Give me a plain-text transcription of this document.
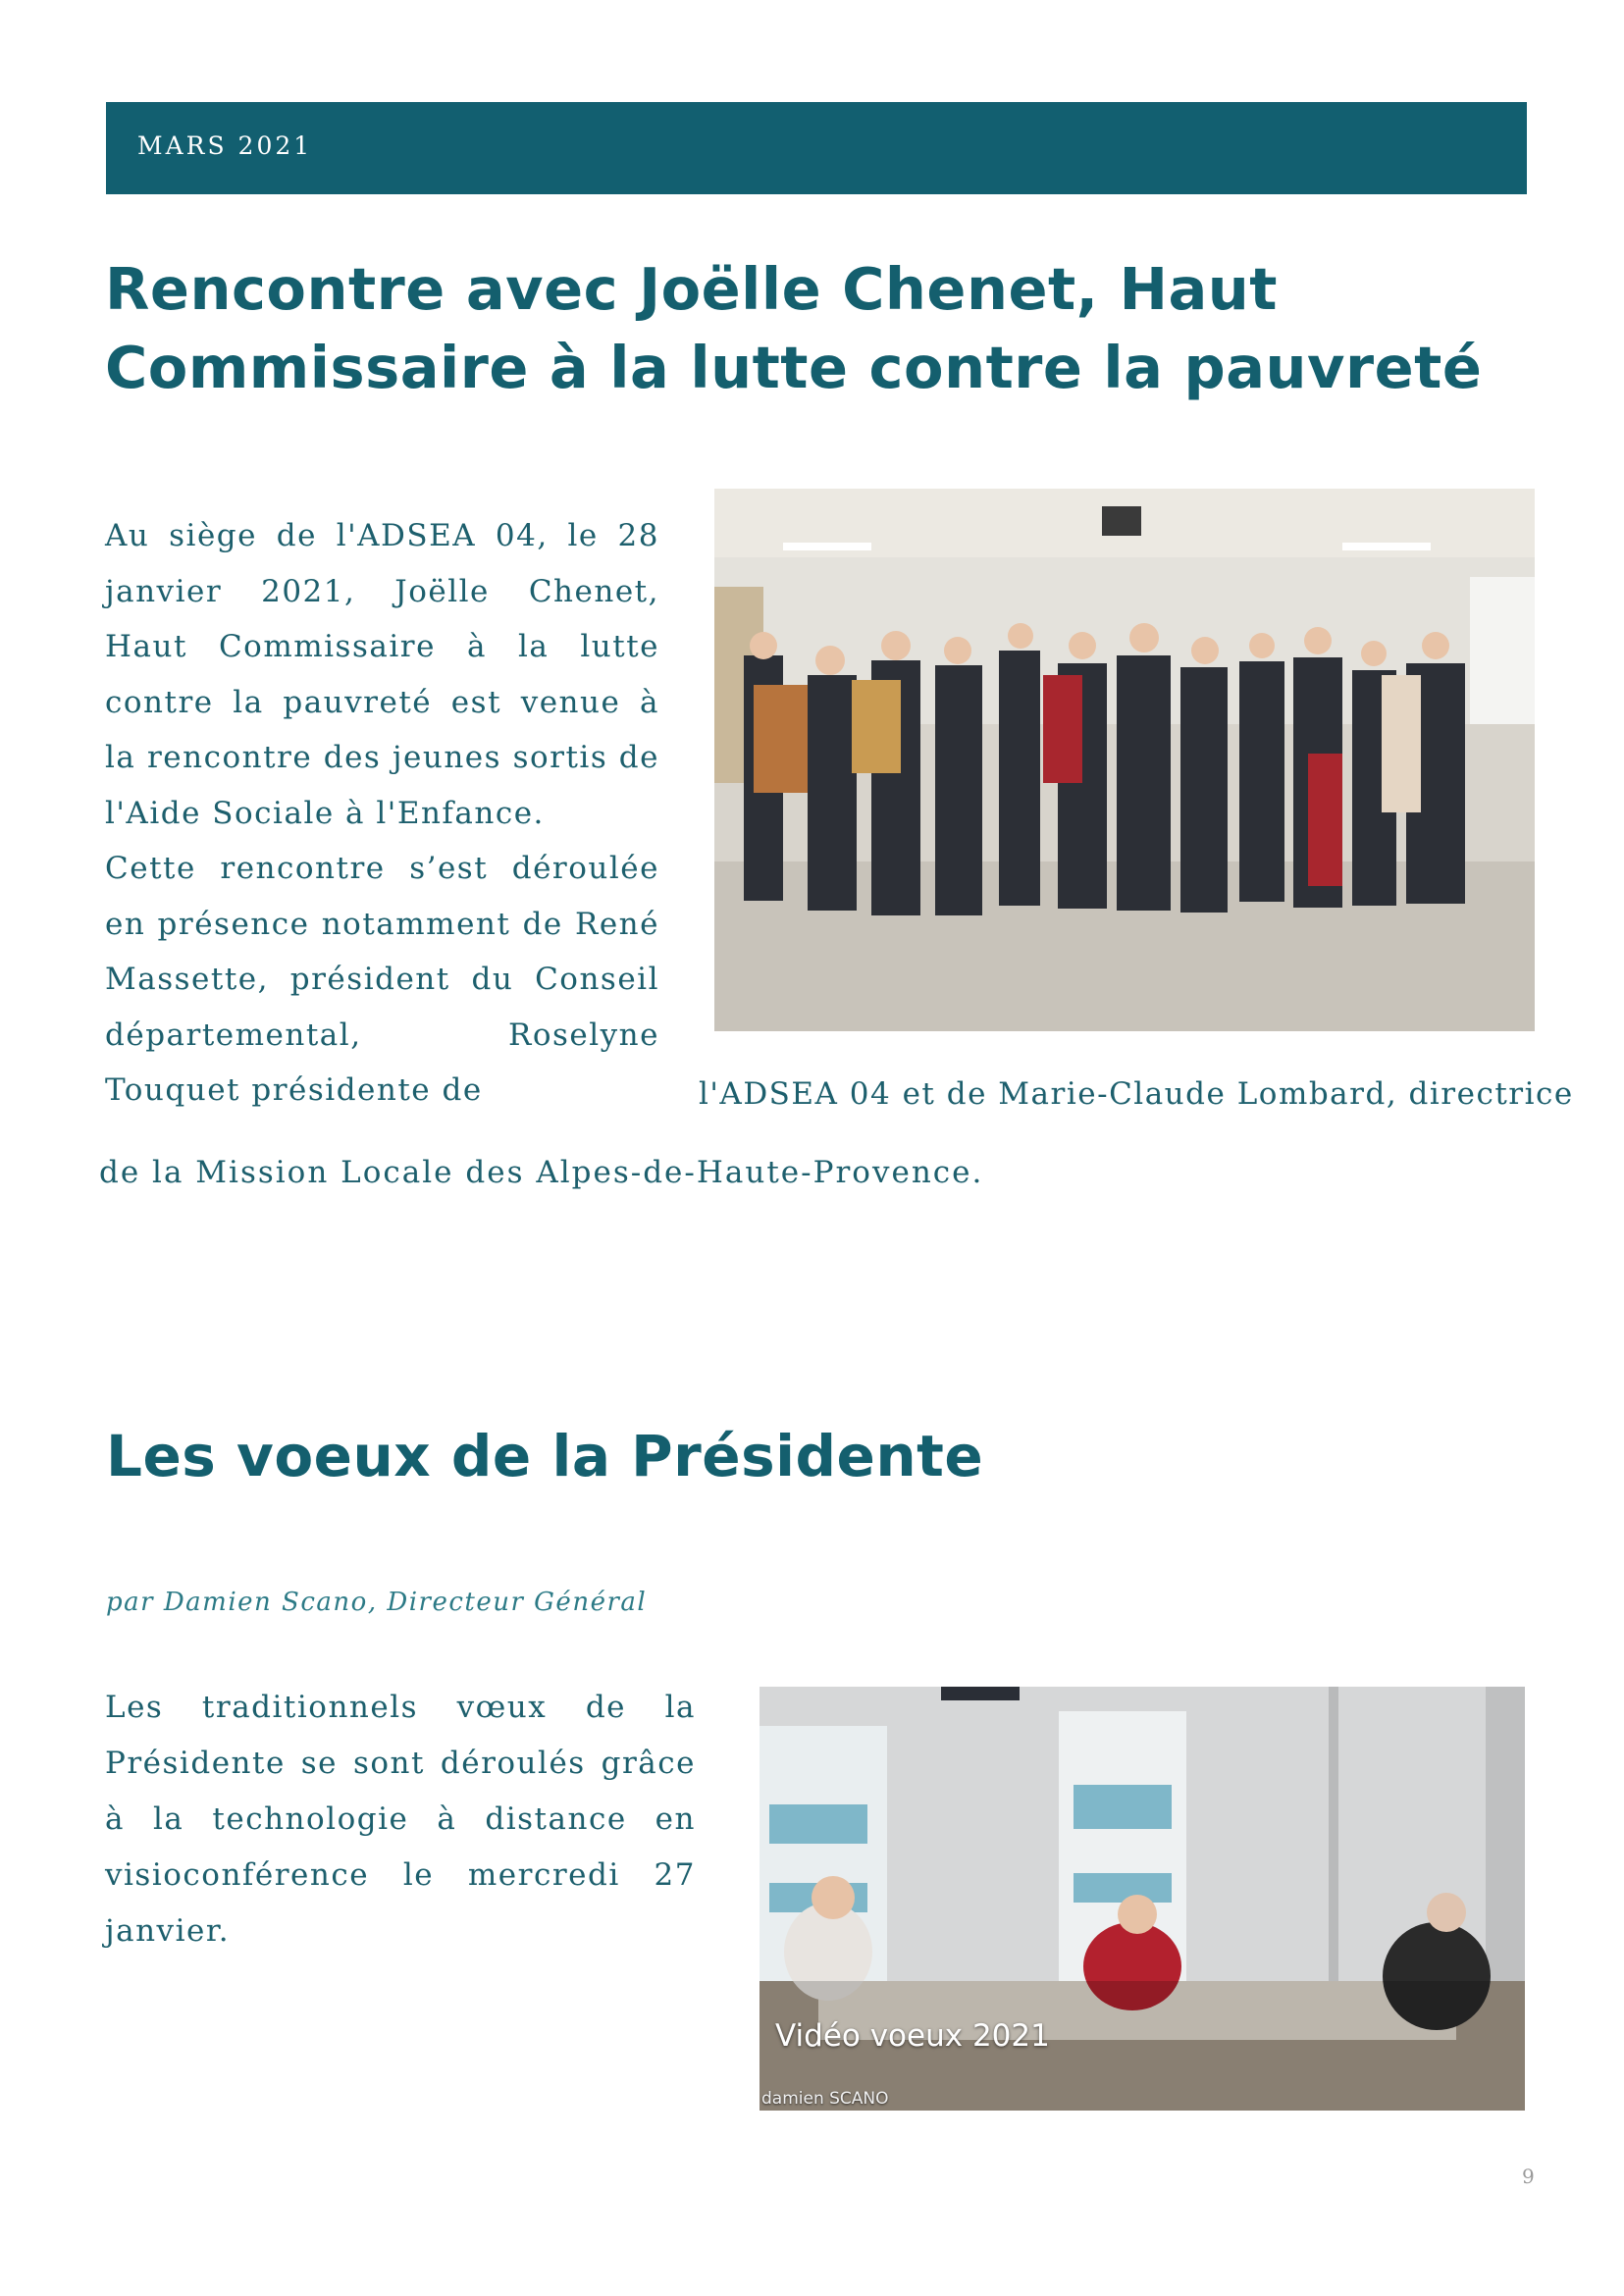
MARS 2021
Rencontre avec Joëlle Chenet, Haut Commissaire à la lutte contre la pauvreté

Au siège de l'ADSEA 04, le 28 janvier 2021, Joëlle Chenet, Haut Commissaire à la lutte contre la pauvreté est venue à la rencontre des jeunes sortis de l'Aide Sociale à l'Enfance.

Cette rencontre s’est déroulée en présence notamment de René Massette, président du Conseil départemental, Roselyne Touquet présidente de	l'ADSEA 04 et de Marie-Claude Lombard, directrice
de la Mission Locale des Alpes-de-Haute-Provence.
Les voeux de la Présidente
par Damien Scano, Directeur Général

Les traditionnels vœux de la Présidente se sont déroulés grâce à la technologie à distance en visioconférence le mercredi 27 janvier.

Vidéo voeux 2021
damien SCANO
9
